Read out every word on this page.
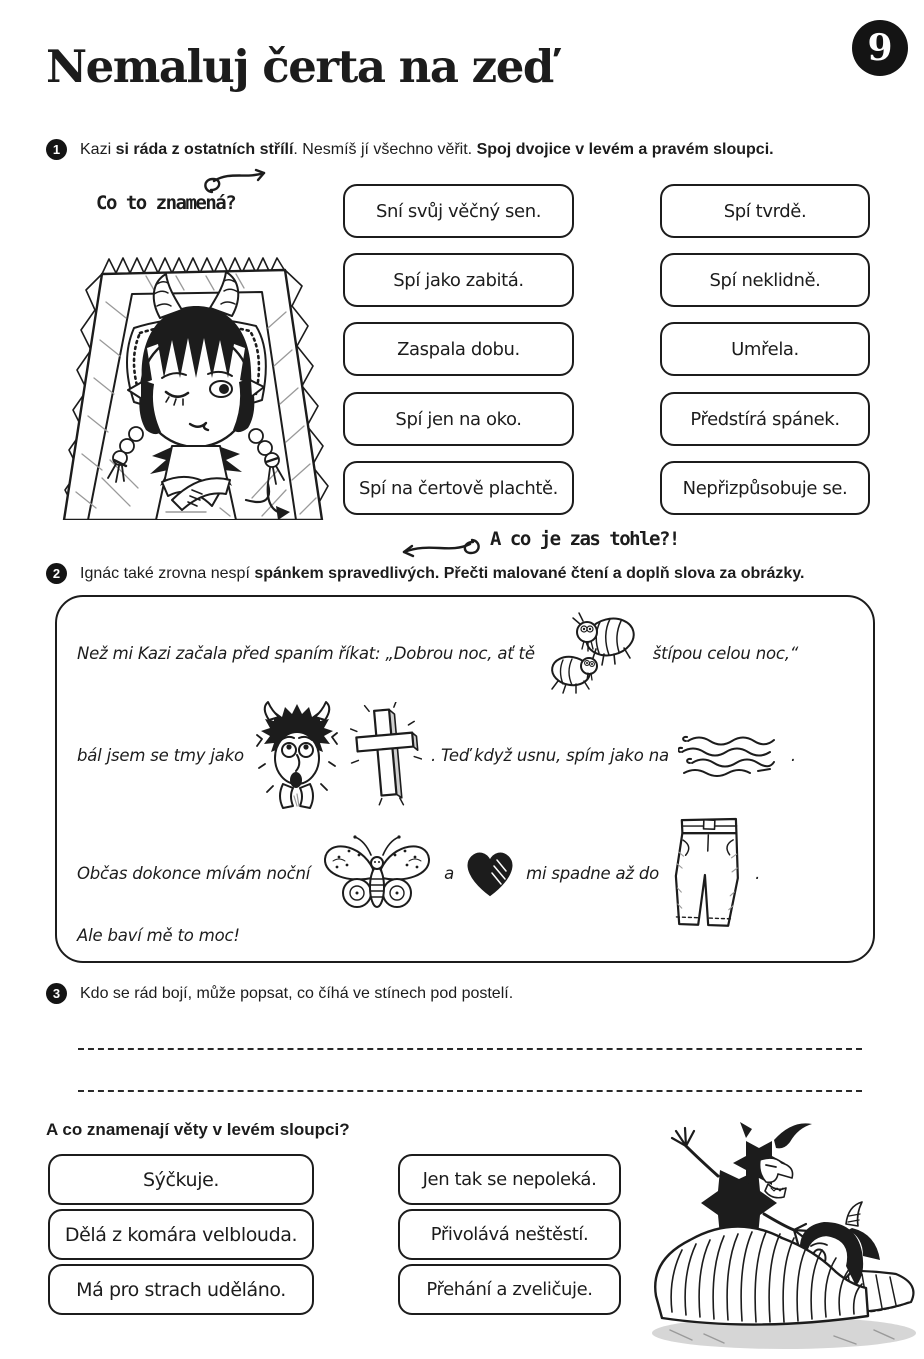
9
Nemaluj čerta na zeď
1	Kazi si ráda z ostatních střílí. Nesmíš jí všechno věřit. Spoj dvojice v levém a pravém sloupci.

Co to znamená?	Sní svůj věčný sen.
Spí jako zabitá.
Zaspala dobu.
Spí jen na oko.
Spí na čertově plachtě.
Spí tvrdě.
Spí neklidně.
Umřela.
Předstírá spánek.
Nepřizpůsobuje se.
A co je zas tohle?!
2	Ignác také zrovna nespí spánkem spravedlivých. Přečti malované čtení a doplň slova za obrázky.

Než mi Kazi začala před spaním říkat: „Dobrou noc, ať tě	štípou celou noc,“
bál jsem se tmy jako	. Teď když usnu, spím jako na	.
Občas dokonce mívám noční	a	mi spadne až do	.
Ale baví mě to moc!
3	Kdo se rád bojí, může popsat, co číhá ve stínech pod postelí.

A co znamenají věty v levém sloupci?

Sýčkuje.
Dělá z komára velblouda.
Má pro strach uděláno.
Jen tak se nepoleká.
Přivolává neštěstí.
Přehání a zveličuje.
